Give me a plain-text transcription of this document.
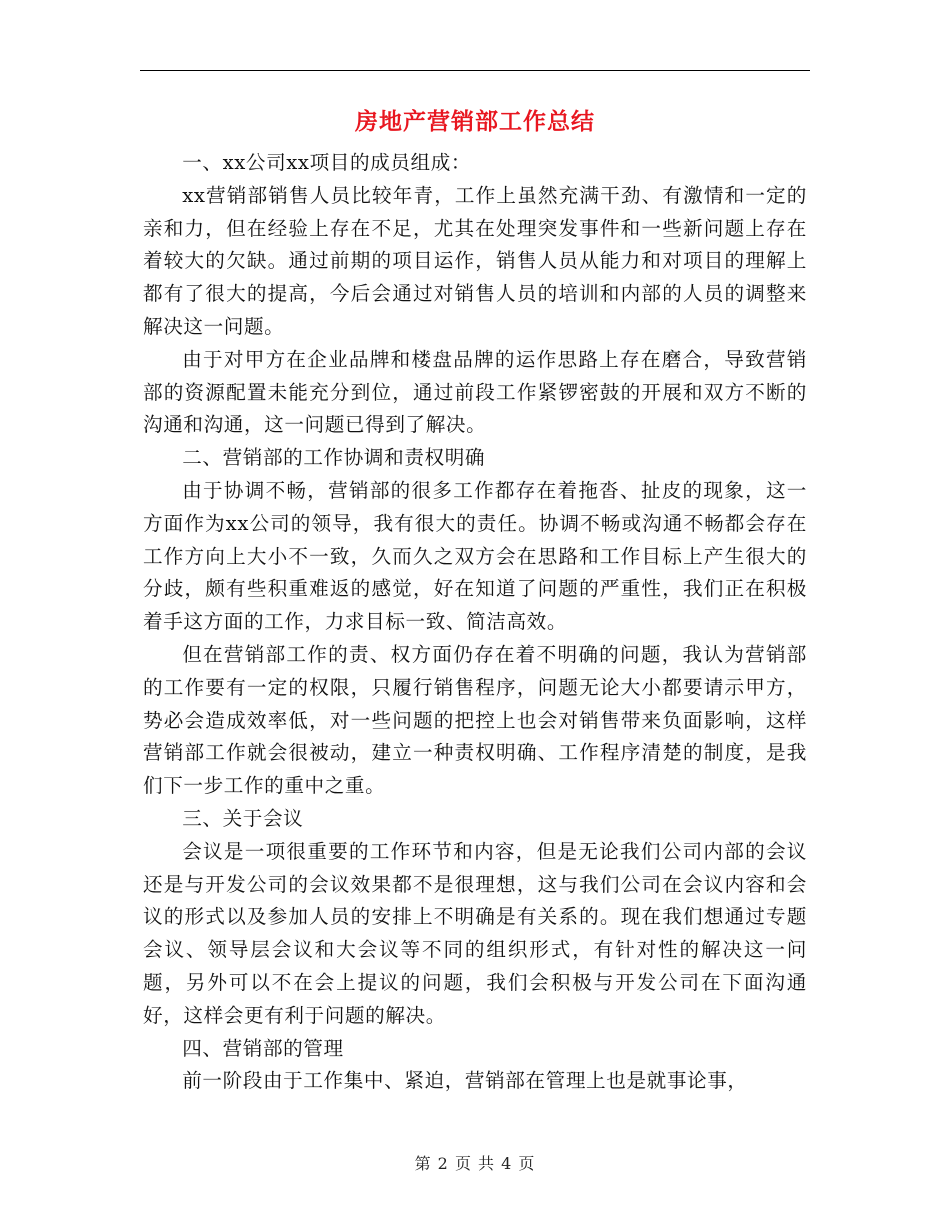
房地产营销部工作总结

一、xx公司xx项目的成员组成：

xx营销部销售人员比较年青，工作上虽然充满干劲、有激情和一定的亲和力，但在经验上存在不足，尤其在处理突发事件和一些新问题上存在着较大的欠缺。通过前期的项目运作，销售人员从能力和对项目的理解上都有了很大的提高，今后会通过对销售人员的培训和内部的人员的调整来解决这一问题。

由于对甲方在企业品牌和楼盘品牌的运作思路上存在磨合，导致营销部的资源配置未能充分到位，通过前段工作紧锣密鼓的开展和双方不断的沟通和沟通，这一问题已得到了解决。

二、营销部的工作协调和责权明确

由于协调不畅，营销部的很多工作都存在着拖沓、扯皮的现象，这一方面作为xx公司的领导，我有很大的责任。协调不畅或沟通不畅都会存在工作方向上大小不一致，久而久之双方会在思路和工作目标上产生很大的分歧，颇有些积重难返的感觉，好在知道了问题的严重性，我们正在积极着手这方面的工作，力求目标一致、简洁高效。

但在营销部工作的责、权方面仍存在着不明确的问题，我认为营销部的工作要有一定的权限，只履行销售程序，问题无论大小都要请示甲方，势必会造成效率低，对一些问题的把控上也会对销售带来负面影响，这样营销部工作就会很被动，建立一种责权明确、工作程序清楚的制度，是我们下一步工作的重中之重。

三、关于会议

会议是一项很重要的工作环节和内容，但是无论我们公司内部的会议还是与开发公司的会议效果都不是很理想，这与我们公司在会议内容和会议的形式以及参加人员的安排上不明确是有关系的。现在我们想通过专题会议、领导层会议和大会议等不同的组织形式，有针对性的解决这一问题，另外可以不在会上提议的问题，我们会积极与开发公司在下面沟通好，这样会更有利于问题的解决。

四、营销部的管理

前一阶段由于工作集中、紧迫，营销部在管理上也是就事论事，

第 2 页 共 4 页
